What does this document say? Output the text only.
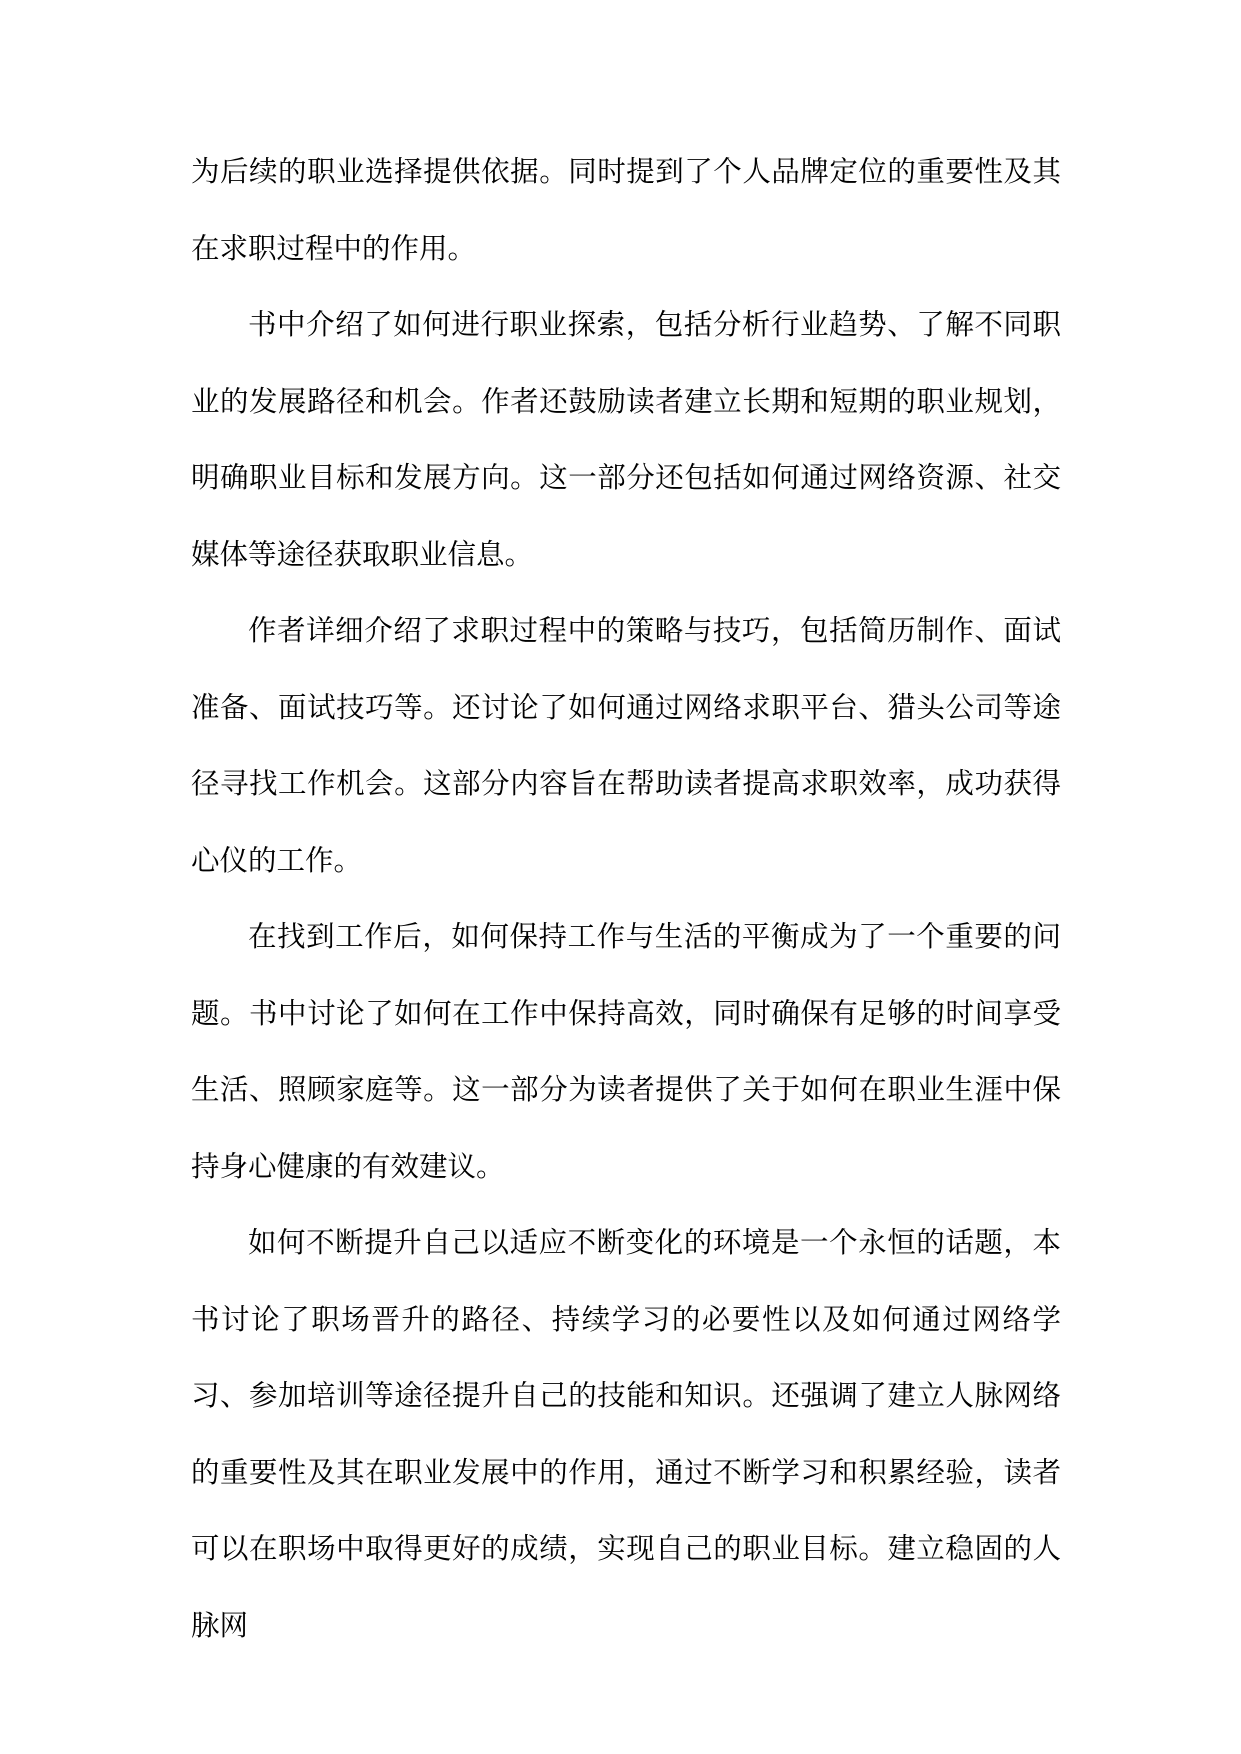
为后续的职业选择提供依据。同时提到了个人品牌定位的重要性及其在求职过程中的作用。

书中介绍了如何进行职业探索，包括分析行业趋势、了解不同职业的发展路径和机会。作者还鼓励读者建立长期和短期的职业规划，明确职业目标和发展方向。这一部分还包括如何通过网络资源、社交媒体等途径获取职业信息。

作者详细介绍了求职过程中的策略与技巧，包括简历制作、面试准备、面试技巧等。还讨论了如何通过网络求职平台、猎头公司等途径寻找工作机会。这部分内容旨在帮助读者提高求职效率，成功获得心仪的工作。

在找到工作后，如何保持工作与生活的平衡成为了一个重要的问题。书中讨论了如何在工作中保持高效，同时确保有足够的时间享受生活、照顾家庭等。这一部分为读者提供了关于如何在职业生涯中保持身心健康的有效建议。

如何不断提升自己以适应不断变化的环境是一个永恒的话题，本书讨论了职场晋升的路径、持续学习的必要性以及如何通过网络学习、参加培训等途径提升自己的技能和知识。还强调了建立人脉网络的重要性及其在职业发展中的作用，通过不断学习和积累经验，读者可以在职场中取得更好的成绩，实现自己的职业目标。建立稳固的人脉网
